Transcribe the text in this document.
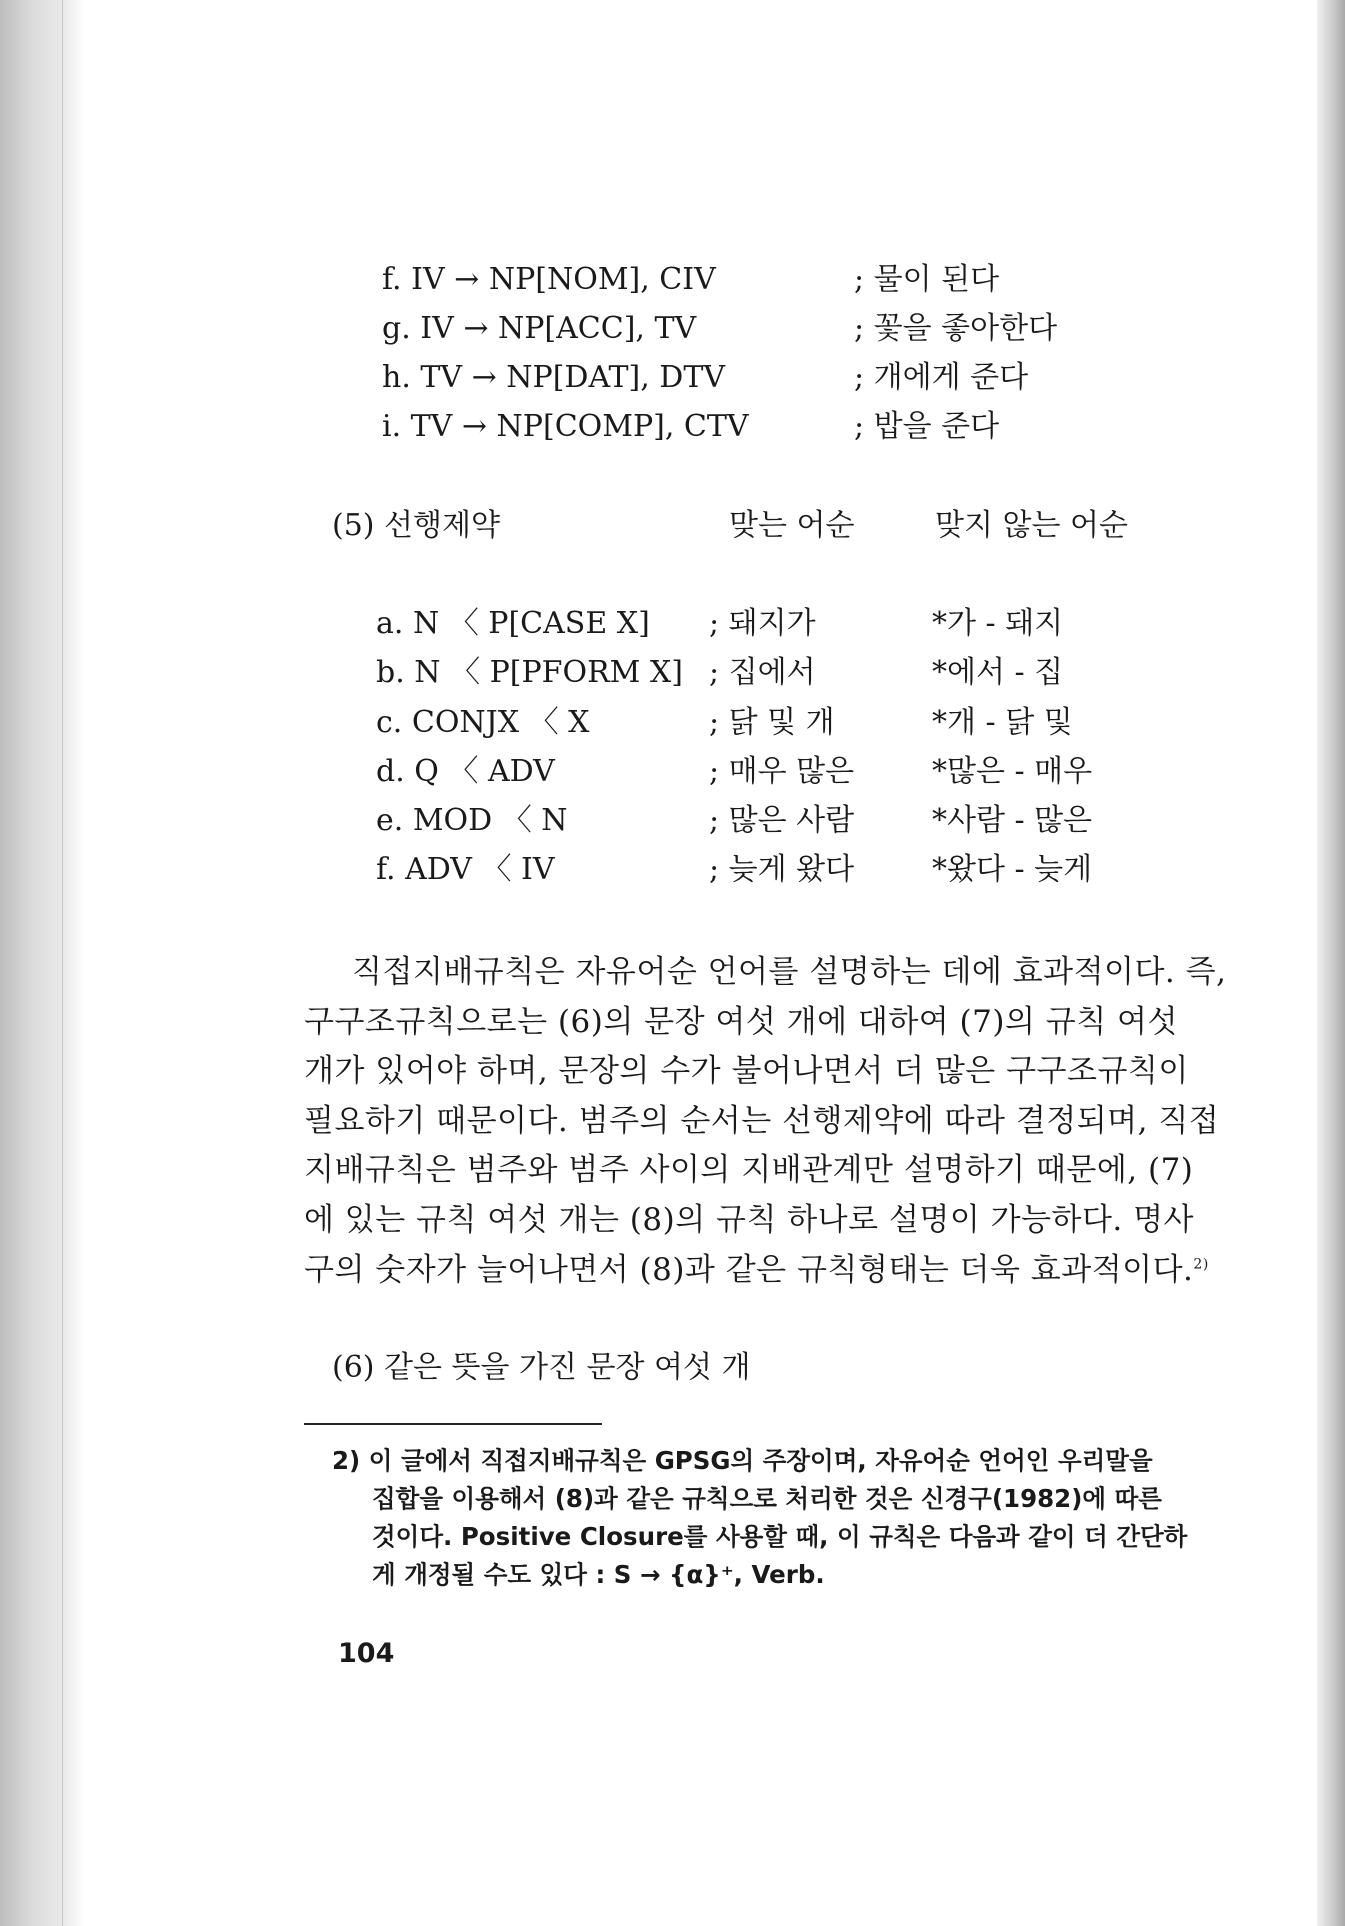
f. IV → NP[NOM], CIV	; 물이 된다
g. IV → NP[ACC], TV	; 꽃을 좋아한다
h. TV → NP[DAT], DTV	; 개에게 준다
i. TV → NP[COMP], CTV	; 밥을 준다
(5) 선행제약	맞는 어순	맞지 않는 어순
a. N 〈 P[CASE X] ; 돼지가	*가 - 돼지
b. N 〈 P[PFORM X] ; 집에서	*에서 - 집
c. CONJX 〈 X	; 닭 및 개	*개 - 닭 및
d. Q 〈 ADV	; 매우 많은	*많은 - 매우
e. MOD 〈 N	; 많은 사람	*사람 - 많은
f. ADV 〈 IV	; 늦게 왔다	*왔다 - 늦게
직접지배규칙은 자유어순 언어를 설명하는 데에 효과적이다. 즉,
구구조규칙으로는 (6)의 문장 여섯 개에 대하여 (7)의 규칙 여섯
개가 있어야 하며, 문장의 수가 불어나면서 더 많은 구구조규칙이
필요하기 때문이다. 범주의 순서는 선행제약에 따라 결정되며, 직접
지배규칙은 범주와 범주 사이의 지배관계만 설명하기 때문에, (7)
에 있는 규칙 여섯 개는 (8)의 규칙 하나로 설명이 가능하다. 명사
구의 숫자가 늘어나면서 (8)과 같은 규칙형태는 더욱 효과적이다.$^{2)}$
(6) 같은 뜻을 가진 문장 여섯 개
2) 이 글에서 직접지배규칙은 GPSG의 주장이며, 자유어순 언어인 우리말을
집합을 이용해서 (8)과 같은 규칙으로 처리한 것은 신경구(1982)에 따른
것이다. Positive Closure를 사용할 때, 이 규칙은 다음과 같이 더 간단하
게 개정될 수도 있다 : S → {α}⁺, Verb.
104
